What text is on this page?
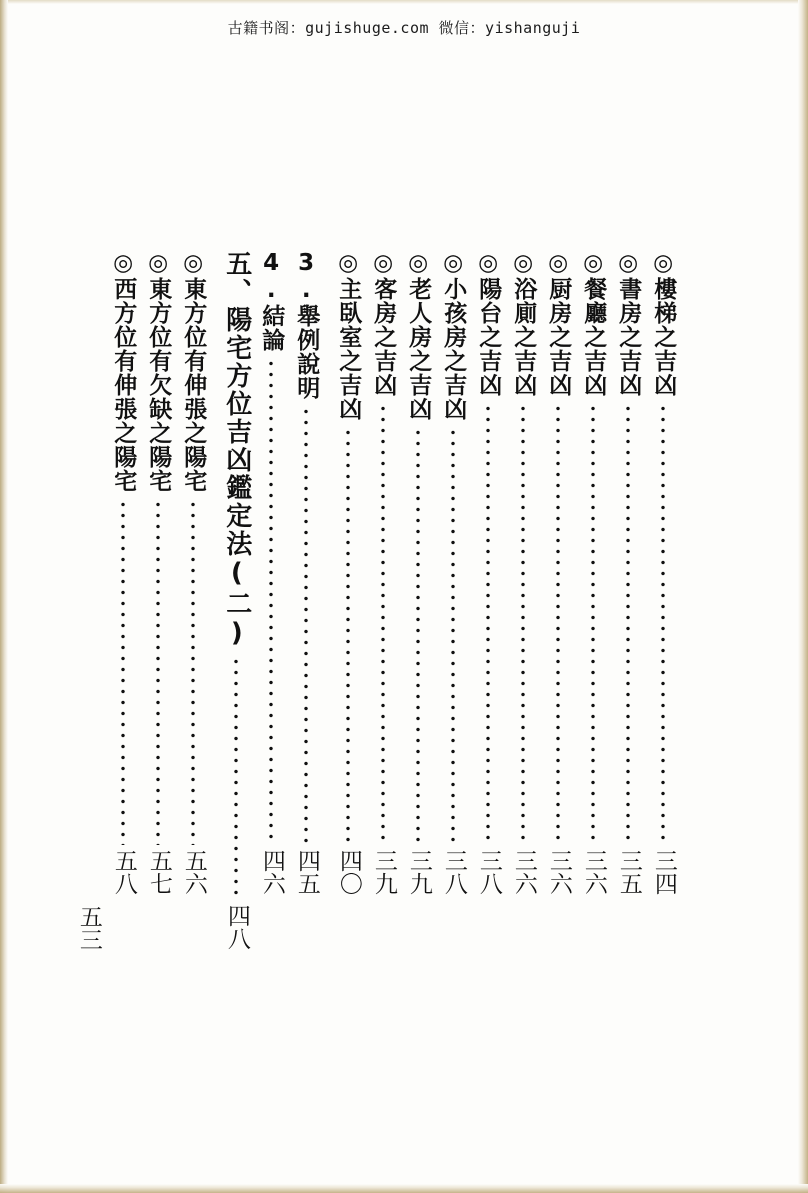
古籍书阁：gujishuge.com 微信：yishanguji
◎樓梯之吉凶
三四
◎書房之吉凶
三五
◎餐廳之吉凶
三六
◎厨房之吉凶
三六
◎浴廁之吉凶
三六
◎陽台之吉凶
三八
◎小孩房之吉凶
三八
◎老人房之吉凶
三九
◎客房之吉凶
三九
◎主臥室之吉凶
四〇
3.舉例說明
四五
4.結論
四六
五、陽宅方位吉凶鑑定法(二)
四八
◎東方位有伸張之陽宅
五六
◎東方位有欠缺之陽宅
五七
◎西方位有伸張之陽宅
五八
五三
